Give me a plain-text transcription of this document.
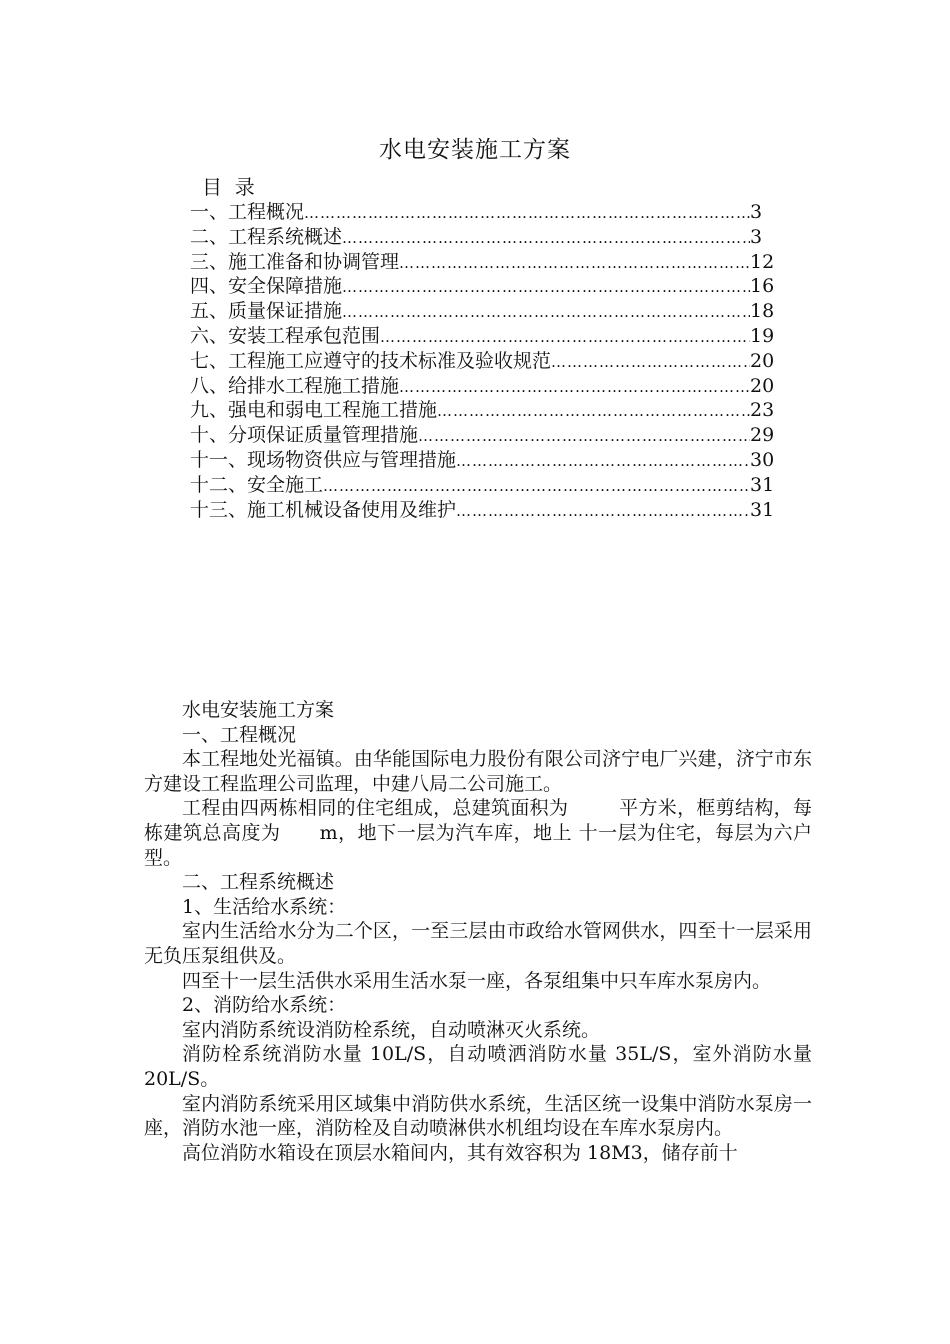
水电安装施工方案
目  录
一、工程概况 …………………………………………………………………………………………………………………	3
二、工程系统概述 …………………………………………………………………………………………………………………	3
三、施工准备和协调管理 …………………………………………………………………………………………………………………	12
四、安全保障措施 …………………………………………………………………………………………………………………	16
五、质量保证措施 …………………………………………………………………………………………………………………	18
六、安装工程承包范围 …………………………………………………………………………………………………………………	19
七、工程施工应遵守的技术标准及验收规范 …………………………………………………………………………………………………………………	20
八、给排水工程施工措施 …………………………………………………………………………………………………………………	20
九、强电和弱电工程施工措施 …………………………………………………………………………………………………………………	23
十、分项保证质量管理措施 …………………………………………………………………………………………………………………	29
十一、现场物资供应与管理措施 …………………………………………………………………………………………………………………	30
十二、安全施工 …………………………………………………………………………………………………………………	31
十三、施工机械设备使用及维护 …………………………………………………………………………………………………………………	31

水电安装施工方案

一、工程概况

本工程地处光福镇。由华能国际电力股份有限公司济宁电厂兴建，济宁市东方建设工程监理公司监理，中建八局二公司施工。

工程由四两栋相同的住宅组成，总建筑面积为        平方米，框剪结构，每栋建筑总高度为      m，地下一层为汽车库，地上 十一层为住宅，每层为六户型。

二、工程系统概述

1、生活给水系统：

室内生活给水分为二个区，一至三层由市政给水管网供水，四至十一层采用无负压泵组供及。

四至十一层生活供水采用生活水泵一座，各泵组集中只车库水泵房内。

2、消防给水系统：

室内消防系统设消防栓系统，自动喷淋灭火系统。

消防栓系统消防水量 10L/S，自动喷洒消防水量 35L/S，室外消防水量 20L/S。

室内消防系统采用区域集中消防供水系统，生活区统一设集中消防水泵房一座，消防水池一座，消防栓及自动喷淋供水机组均设在车库水泵房内。

高位消防水箱设在顶层水箱间内，其有效容积为 18M3，储存前十
